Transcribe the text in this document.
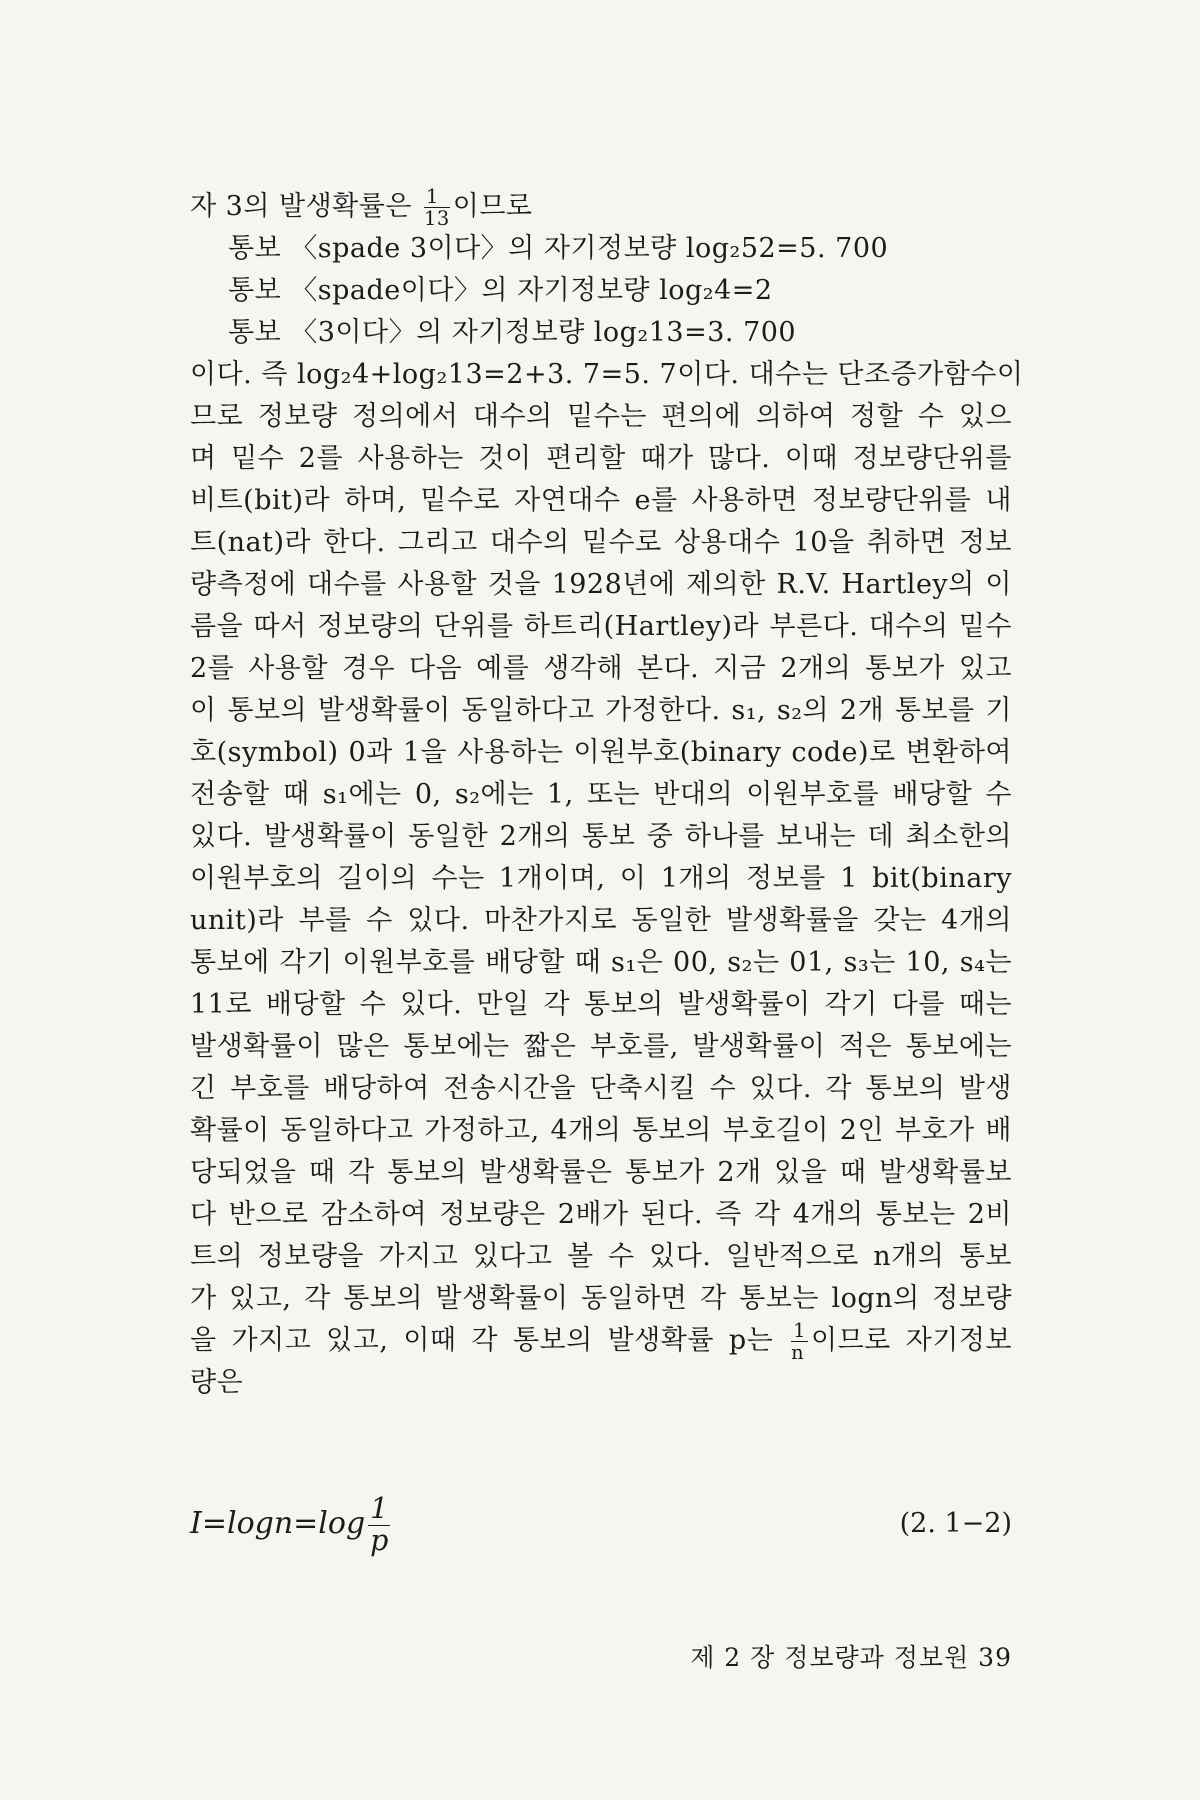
자 3의 발생확률은 $\frac{1}{13}$ 이므로
통보 〈spade 3이다〉의 자기정보량 log₂52=5. 700
통보 〈spade이다〉의 자기정보량 log₂4=2
통보 〈3이다〉의 자기정보량 log₂13=3. 700
이다. 즉 log₂4+log₂13=2+3. 7=5. 7이다. 대수는 단조증가함수이
므로 정보량 정의에서 대수의 밑수는 편의에 의하여 정할 수 있으
며 밑수 2를 사용하는 것이 편리할 때가 많다. 이때 정보량단위를
비트(bit)라 하며, 밑수로 자연대수 e를 사용하면 정보량단위를 내
트(nat)라 한다. 그리고 대수의 밑수로 상용대수 10을 취하면 정보
량측정에 대수를 사용할 것을 1928년에 제의한 R.V. Hartley의 이
름을 따서 정보량의 단위를 하트리(Hartley)라 부른다. 대수의 밑수
2를 사용할 경우 다음 예를 생각해 본다. 지금 2개의 통보가 있고
이 통보의 발생확률이 동일하다고 가정한다. s₁, s₂의 2개 통보를 기
호(symbol) 0과 1을 사용하는 이원부호(binary code)로 변환하여
전송할 때 s₁에는 0, s₂에는 1, 또는 반대의 이원부호를 배당할 수
있다. 발생확률이 동일한 2개의 통보 중 하나를 보내는 데 최소한의
이원부호의 길이의 수는 1개이며, 이 1개의 정보를 1 bit(binary
unit)라 부를 수 있다. 마찬가지로 동일한 발생확률을 갖는 4개의
통보에 각기 이원부호를 배당할 때 s₁은 00, s₂는 01, s₃는 10, s₄는
11로 배당할 수 있다. 만일 각 통보의 발생확률이 각기 다를 때는
발생확률이 많은 통보에는 짧은 부호를, 발생확률이 적은 통보에는
긴 부호를 배당하여 전송시간을 단축시킬 수 있다. 각 통보의 발생
확률이 동일하다고 가정하고, 4개의 통보의 부호길이 2인 부호가 배
당되었을 때 각 통보의 발생확률은 통보가 2개 있을 때 발생확률보
다 반으로 감소하여 정보량은 2배가 된다. 즉 각 4개의 통보는 2비
트의 정보량을 가지고 있다고 볼 수 있다. 일반적으로 n개의 통보
가 있고, 각 통보의 발생확률이 동일하면 각 통보는 logn의 정보량
을 가지고 있고, 이때 각 통보의 발생확률 p는 $\frac{1}{n}$ 이므로 자기정보
량은
$I=\log n=\log \frac{1}{p}$	(2. 1−2)
제 2 장 정보량과 정보원 39
